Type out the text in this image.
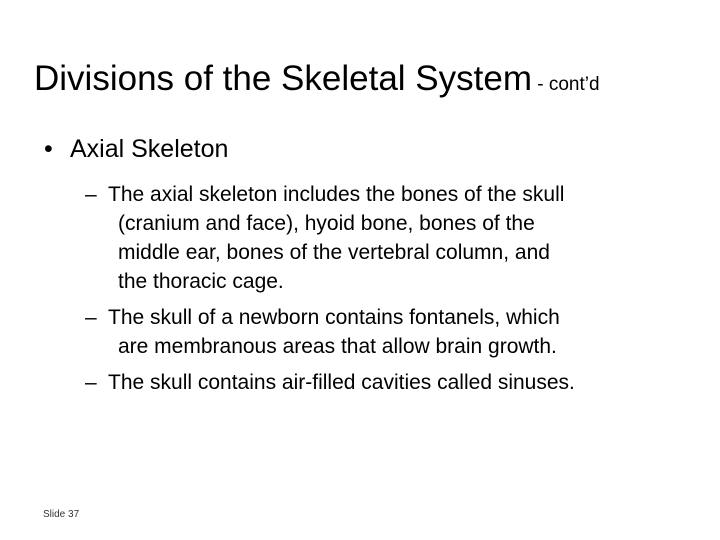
Divisions of the Skeletal System - cont’d
• Axial Skeleton
– The axial skeleton includes the bones of the skull
(cranium and face), hyoid bone, bones of the
middle ear, bones of the vertebral column, and
the thoracic cage.
– The skull of a newborn contains fontanels, which
are membranous areas that allow brain growth.
– The skull contains air-filled cavities called sinuses.
Slide 37
